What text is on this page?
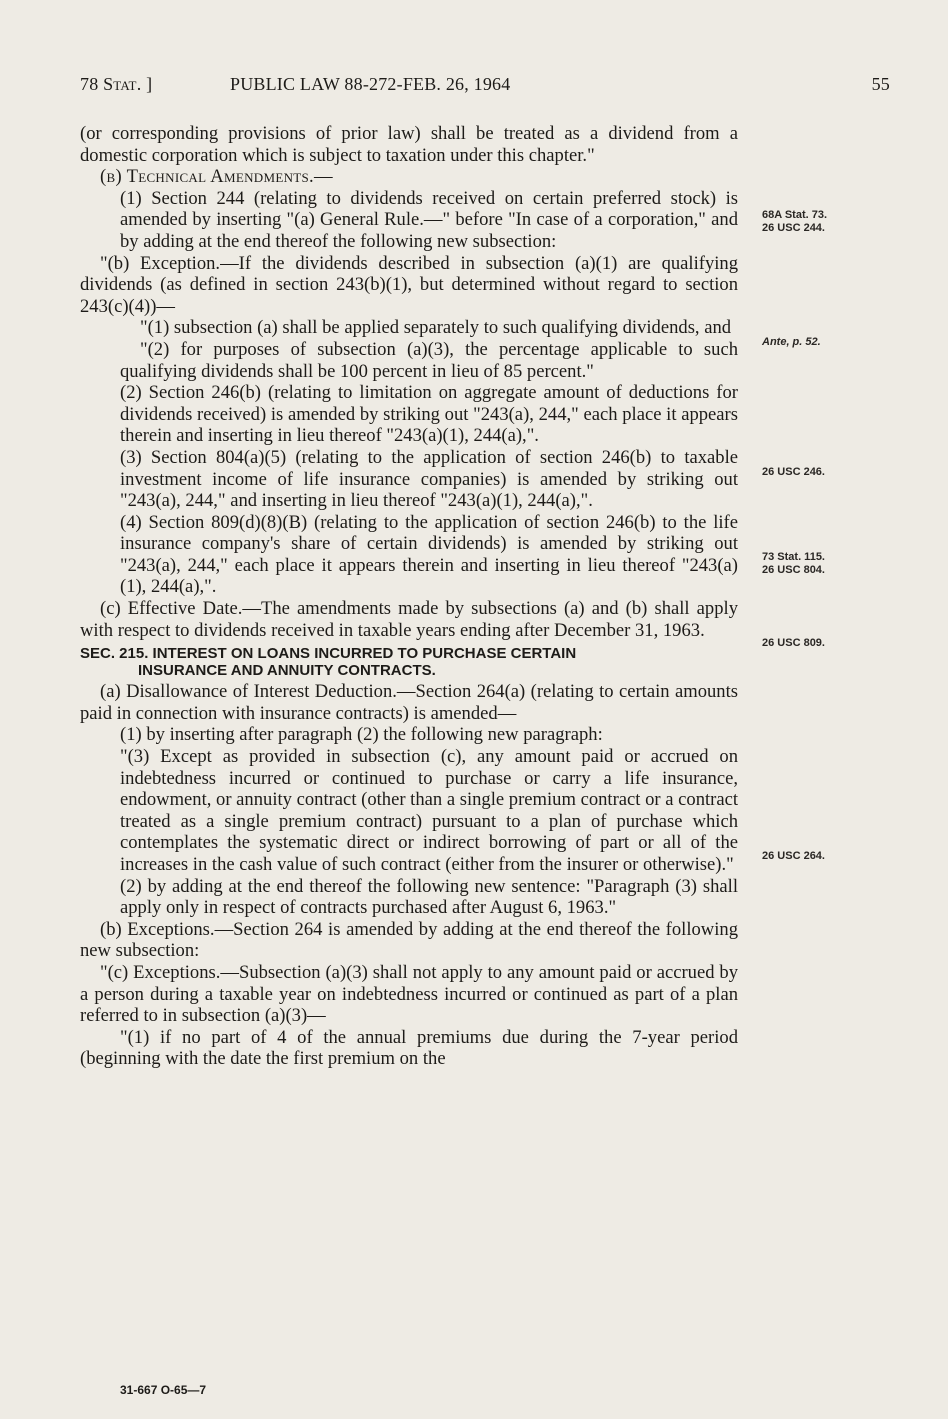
78 Stat. ]	PUBLIC LAW 88-272-FEB. 26, 1964	55

(or corresponding provisions of prior law) shall be treated as a dividend from a domestic corporation which is subject to taxation under this chapter."

(b) Technical Amendments.—

(1) Section 244 (relating to dividends received on certain preferred stock) is amended by inserting "(a) General Rule.—" before "In case of a corporation," and by adding at the end thereof the following new subsection:

"(b) Exception.—If the dividends described in subsection (a)(1) are qualifying dividends (as defined in section 243(b)(1), but determined without regard to section 243(c)(4))—

"(1) subsection (a) shall be applied separately to such qualifying dividends, and

"(2) for purposes of subsection (a)(3), the percentage applicable to such qualifying dividends shall be 100 percent in lieu of 85 percent."

(2) Section 246(b) (relating to limitation on aggregate amount of deductions for dividends received) is amended by striking out "243(a), 244," each place it appears therein and inserting in lieu thereof "243(a)(1), 244(a),".

(3) Section 804(a)(5) (relating to the application of section 246(b) to taxable investment income of life insurance companies) is amended by striking out "243(a), 244," and inserting in lieu thereof "243(a)(1), 244(a),".

(4) Section 809(d)(8)(B) (relating to the application of section 246(b) to the life insurance company's share of certain dividends) is amended by striking out "243(a), 244," each place it appears therein and inserting in lieu thereof "243(a)(1), 244(a),".

(c) Effective Date.—The amendments made by subsections (a) and (b) shall apply with respect to dividends received in taxable years ending after December 31, 1963.

SEC. 215. INTEREST ON LOANS INCURRED TO PURCHASE CERTAIN
INSURANCE AND ANNUITY CONTRACTS.

(a) Disallowance of Interest Deduction.—Section 264(a) (relating to certain amounts paid in connection with insurance contracts) is amended—

(1) by inserting after paragraph (2) the following new paragraph:

"(3) Except as provided in subsection (c), any amount paid or accrued on indebtedness incurred or continued to purchase or carry a life insurance, endowment, or annuity contract (other than a single premium contract or a contract treated as a single premium contract) pursuant to a plan of purchase which contemplates the systematic direct or indirect borrowing of part or all of the increases in the cash value of such contract (either from the insurer or otherwise)."

(2) by adding at the end thereof the following new sentence: "Paragraph (3) shall apply only in respect of contracts purchased after August 6, 1963."

(b) Exceptions.—Section 264 is amended by adding at the end thereof the following new subsection:

"(c) Exceptions.—Subsection (a)(3) shall not apply to any amount paid or accrued by a person during a taxable year on indebtedness incurred or continued as part of a plan referred to in subsection (a)(3)—

"(1) if no part of 4 of the annual premiums due during the 7-year period (beginning with the date the first premium on the

68A Stat. 73.
26 USC 244.
Ante, p. 52.
26 USC 246.
73 Stat. 115.
26 USC 804.
26 USC 809.
26 USC 264.
31-667 O-65—7
